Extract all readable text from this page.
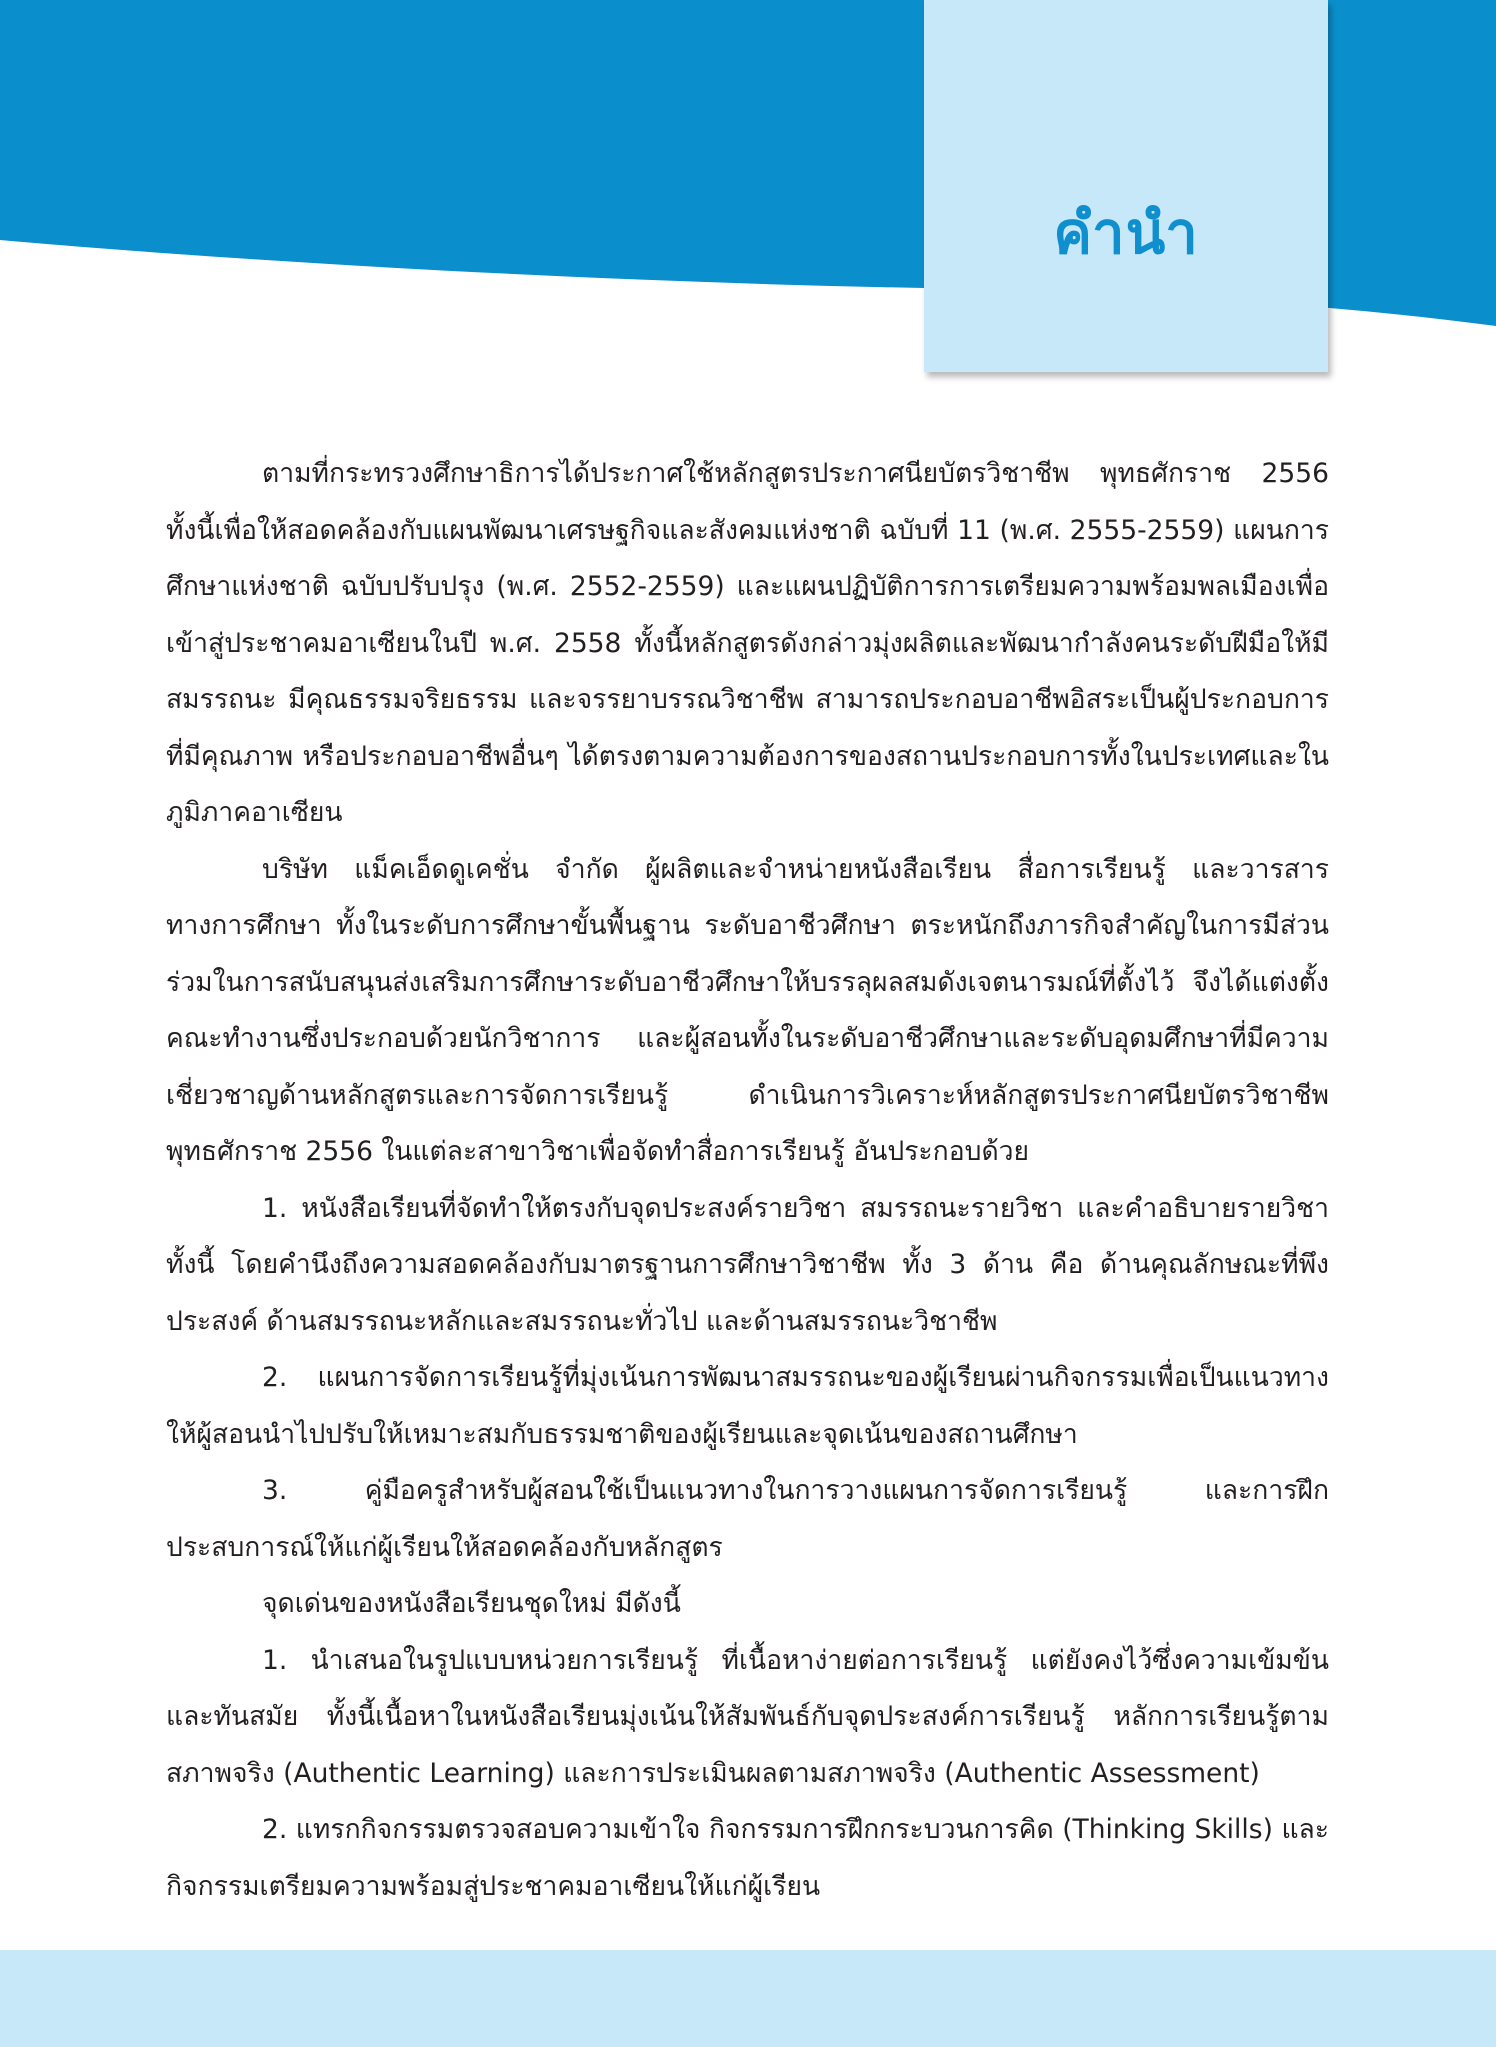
คำนำ

ตามที่กระทรวงศึกษาธิการได้ประกาศใช้หลักสูตรประกาศนียบัตรวิชาชีพ พุทธศักราช 2556 ทั้งนี้เพื่อให้สอดคล้องกับแผนพัฒนาเศรษฐกิจและสังคมแห่งชาติ ฉบับที่ 11 (พ.ศ. 2555-2559) แผนการศึกษาแห่งชาติ ฉบับปรับปรุง (พ.ศ. 2552-2559) และแผนปฏิบัติการการเตรียมความพร้อมพลเมืองเพื่อเข้าสู่ประชาคมอาเซียนในปี พ.ศ. 2558 ทั้งนี้หลักสูตรดังกล่าวมุ่งผลิตและพัฒนากำลังคนระดับฝีมือให้มีสมรรถนะ มีคุณธรรมจริยธรรม และจรรยาบรรณวิชาชีพ สามารถประกอบอาชีพอิสระเป็นผู้ประกอบการที่มีคุณภาพ หรือประกอบอาชีพอื่นๆ ได้ตรงตามความต้องการของสถานประกอบการทั้งในประเทศและในภูมิภาคอาเซียน

บริษัท แม็คเอ็ดดูเคชั่น จำกัด ผู้ผลิตและจำหน่ายหนังสือเรียน สื่อการเรียนรู้ และวารสารทางการศึกษา ทั้งในระดับการศึกษาขั้นพื้นฐาน ระดับอาชีวศึกษา ตระหนักถึงภารกิจสำคัญในการมีส่วนร่วมในการสนับสนุนส่งเสริมการศึกษาระดับอาชีวศึกษาให้บรรลุผลสมดังเจตนารมณ์ที่ตั้งไว้ จึงได้แต่งตั้งคณะทำงานซึ่งประกอบด้วยนักวิชาการ และผู้สอนทั้งในระดับอาชีวศึกษาและระดับอุดมศึกษาที่มีความเชี่ยวชาญด้านหลักสูตรและการจัดการเรียนรู้ ดำเนินการวิเคราะห์หลักสูตรประกาศนียบัตรวิชาชีพ พุทธศักราช 2556 ในแต่ละสาขาวิชาเพื่อจัดทำสื่อการเรียนรู้ อันประกอบด้วย

1. หนังสือเรียนที่จัดทำให้ตรงกับจุดประสงค์รายวิชา สมรรถนะรายวิชา และคำอธิบายรายวิชา ทั้งนี้ โดยคำนึงถึงความสอดคล้องกับมาตรฐานการศึกษาวิชาชีพ ทั้ง 3 ด้าน คือ ด้านคุณลักษณะที่พึงประสงค์ ด้านสมรรถนะหลักและสมรรถนะทั่วไป และด้านสมรรถนะวิชาชีพ

2. แผนการจัดการเรียนรู้ที่มุ่งเน้นการพัฒนาสมรรถนะของผู้เรียนผ่านกิจกรรมเพื่อเป็นแนวทางให้ผู้สอนนำไปปรับให้เหมาะสมกับธรรมชาติของผู้เรียนและจุดเน้นของสถานศึกษา

3. คู่มือครูสำหรับผู้สอนใช้เป็นแนวทางในการวางแผนการจัดการเรียนรู้ และการฝึกประสบการณ์ให้แก่ผู้เรียนให้สอดคล้องกับหลักสูตร

จุดเด่นของหนังสือเรียนชุดใหม่ มีดังนี้

1. นำเสนอในรูปแบบหน่วยการเรียนรู้ ที่เนื้อหาง่ายต่อการเรียนรู้ แต่ยังคงไว้ซึ่งความเข้มข้นและทันสมัย ทั้งนี้เนื้อหาในหนังสือเรียนมุ่งเน้นให้สัมพันธ์กับจุดประสงค์การเรียนรู้ หลักการเรียนรู้ตามสภาพจริง (Authentic Learning) และการประเมินผลตามสภาพจริง (Authentic Assessment)

2. แทรกกิจกรรมตรวจสอบความเข้าใจ กิจกรรมการฝึกกระบวนการคิด (Thinking Skills) และกิจกรรมเตรียมความพร้อมสู่ประชาคมอาเซียนให้แก่ผู้เรียน
